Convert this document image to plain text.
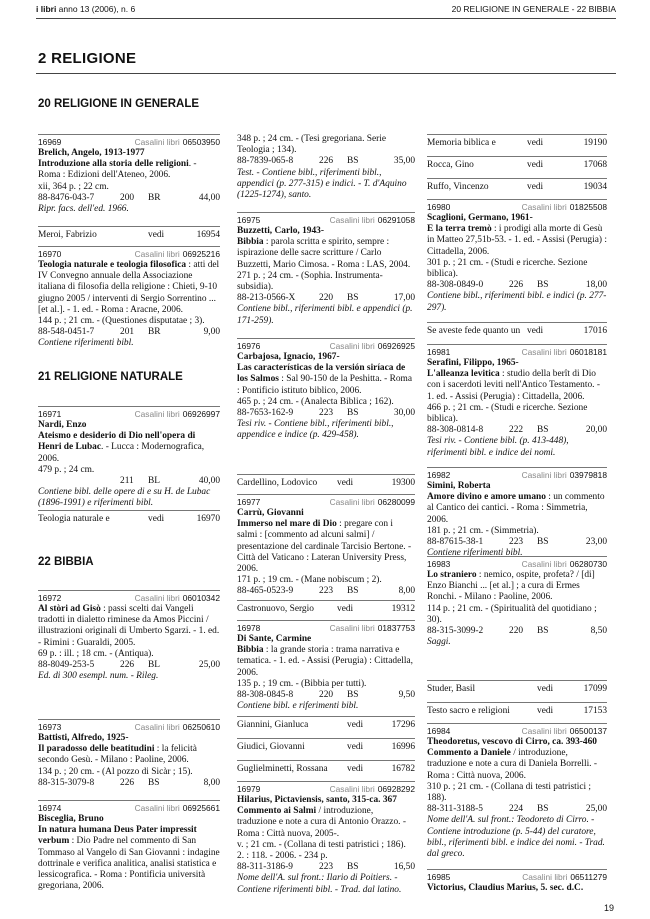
i libri anno 13 (2006), n. 6	20 RELIGIONE IN GENERALE - 22 BIBBIA
2 RELIGIONE
20 RELIGIONE IN GENERALE
21 RELIGIONE NATURALE
22 BIBBIA
16969	Casalini libri 06503950
Brelich, Angelo, 1913-1977
Introduzione alla storia delle religioni. - Roma : Edizioni dell'Ateneo, 2006.
xii, 364 p. ; 22 cm.
88-8476-043-7	200 BR	44,00
Ripr. facs. dell'ed. 1966.
Meroi, Fabrizio	vedi	16954
16970	Casalini libri 06925216
Teologia naturale e teologia filosofica : atti del IV Convegno annuale della Associazione italiana di filosofia della religione : Chieti, 9-10 giugno 2005 / interventi di Sergio Sorrentino ... [et al.]. - 1. ed. - Roma : Aracne, 2006.
144 p. ; 21 cm. - (Questiones disputatae ; 3).
88-548-0451-7	201 BR	9,00
Contiene riferimenti bibl.
16971	Casalini libri 06926997
Nardi, Enzo
Ateismo e desiderio di Dio nell'opera di Henri de Lubac. - Lucca : Modernografica, 2006.
479 p. ; 24 cm.
211 BL	40,00
Contiene bibl. delle opere di e su H. de Lubac (1896-1991) e riferimenti bibl.
Teologia naturale e	vedi	16970
16972	Casalini libri 06010342
Al stòri ad Gisò : passi scelti dai Vangeli tradotti in dialetto riminese da Amos Piccini / illustrazioni originali di Umberto Sgarzi. - 1. ed. - Rimini : Guaraldi, 2005.
69 p. : ill. ; 18 cm. - (Antiqua).
88-8049-253-5	226 BL	25,00
Ed. di 300 esempl. num. - Rileg.
16973	Casalini libri 06250610
Battisti, Alfredo, 1925-
Il paradosso delle beatitudini : la felicità secondo Gesù. - Milano : Paoline, 2006.
134 p. ; 20 cm. - (Al pozzo di Sicàr ; 15).
88-315-3079-8	226 BS	8,00
16974	Casalini libri 06925661
Bisceglia, Bruno
In natura humana Deus Pater impressit verbum : Dio Padre nel commento di San Tommaso al Vangelo di San Giovanni : indagine dottrinale e verifica analitica, analisi statistica e lessicografica. - Roma : Pontificia università gregoriana, 2006.
348 p. ; 24 cm. - (Tesi gregoriana. Serie Teologia ; 134).
88-7839-065-8	226 BS	35,00
Test. - Contiene bibl., riferimenti bibl., appendici (p. 277-315) e indici. - T. d'Aquino (1225-1274), santo.
16975	Casalini libri 06291058
Buzzetti, Carlo, 1943-
Bibbia : parola scritta e spirito, sempre : ispirazione delle sacre scritture / Carlo Buzzetti, Mario Cimosa. - Roma : LAS, 2004.
271 p. ; 24 cm. - (Sophia. Instrumenta-subsidia).
88-213-0566-X	220 BS	17,00
Contiene bibl., riferimenti bibl. e appendici (p. 171-259).
16976	Casalini libri 06926925
Carbajosa, Ignacio, 1967-
Las características de la versión siríaca de los Salmos : Sal 90-150 de la Peshitta. - Roma : Pontificio istituto biblico, 2006.
465 p. ; 24 cm. - (Analecta Biblica ; 162).
88-7653-162-9	223 BS	30,00
Tesi riv. - Contiene bibl., riferimenti bibl., appendice e indice (p. 429-458).
Cardellino, Lodovico vedi	19300
16977	Casalini libri 06280099
Carrù, Giovanni
Immerso nel mare di Dio : pregare con i salmi : [commento ad alcuni salmi] / presentazione del cardinale Tarcisio Bertone. - Città del Vaticano : Lateran University Press, 2006.
171 p. ; 19 cm. - (Mane nobiscum ; 2).
88-465-0523-9	223 BS	8,00
Castronuovo, Sergio vedi	19312
16978	Casalini libri 01837753
Di Sante, Carmine
Bibbia : la grande storia : trama narrativa e tematica. - 1. ed. - Assisi (Perugia) : Cittadella, 2006.
135 p. ; 19 cm. - (Bibbia per tutti).
88-308-0845-8	220 BS	9,50
Contiene bibl. e riferimenti bibl.
Giannini, Gianluca	vedi	17296
Giudici, Giovanni	vedi	16996
Guglielminetti, Rossana vedi	16782
16979	Casalini libri 06928292
Hilarius, Pictaviensis, santo, 315-ca. 367
Commento ai Salmi / introduzione, traduzione e note a cura di Antonio Orazzo. - Roma : Città nuova, 2005-.
v. ; 21 cm. - (Collana di testi patristici ; 186).
2. : 118. - 2006. - 234 p.
88-311-3186-9	223 BS	16,50
Nome dell'A. sul front.: Ilario di Poitiers. - Contiene riferimenti bibl. - Trad. dal latino.
Memoria biblica e	vedi	19190
Rocca, Gino	vedi	17068
Ruffo, Vincenzo	vedi	19034
16980	Casalini libri 01825508
Scaglioni, Germano, 1961-
E la terra tremò : i prodigi alla morte di Gesù in Matteo 27,51b-53. - 1. ed. - Assisi (Perugia) : Cittadella, 2006.
301 p. ; 21 cm. - (Studi e ricerche. Sezione biblica).
88-308-0849-0	226 BS	18,00
Contiene bibl., riferimenti bibl. e indici (p. 277-297).
Se aveste fede quanto un vedi	17016
16981	Casalini libri 06018181
Serafini, Filippo, 1965-
L'alleanza levitica : studio della berît di Dio con i sacerdoti leviti nell'Antico Testamento. - 1. ed. - Assisi (Perugia) : Cittadella, 2006.
466 p. ; 21 cm. - (Studi e ricerche. Sezione biblica).
88-308-0814-8	222 BS	20,00
Tesi riv. - Contiene bibl. (p. 413-448), riferimenti bibl. e indice dei nomi.
16982	Casalini libri 03979818
Simini, Roberta
Amore divino e amore umano : un commento al Cantico dei cantici. - Roma : Simmetria, 2006.
181 p. ; 21 cm. - (Simmetria).
88-87615-38-1	223 BS	23,00
Contiene riferimenti bibl.
16983	Casalini libri 06280730
Lo straniero : nemico, ospite, profeta? / [di] Enzo Bianchi ... [et al.] ; a cura di Ermes Ronchi. - Milano : Paoline, 2006.
114 p. ; 21 cm. - (Spiritualità del quotidiano ; 30).
88-315-3099-2	220 BS	8,50
Saggi.
Studer, Basil	vedi	17099
Testo sacro e religioni	vedi	17153
16984	Casalini libri 06500137
Theodoretus, vescovo di Cirro, ca. 393-460
Commento a Daniele / introduzione, traduzione e note a cura di Daniela Borrelli. - Roma : Città nuova, 2006.
310 p. ; 21 cm. - (Collana di testi patristici ; 188).
88-311-3188-5	224 BS	25,00
Nome dell'A. sul front.: Teodoreto di Cirro. - Contiene introduzione (p. 5-44) del curatore, bibl., riferimenti bibl. e indice dei nomi. - Trad. dal greco.
16985	Casalini libri 06511279
Victorius, Claudius Marius, 5. sec. d.C.
19
